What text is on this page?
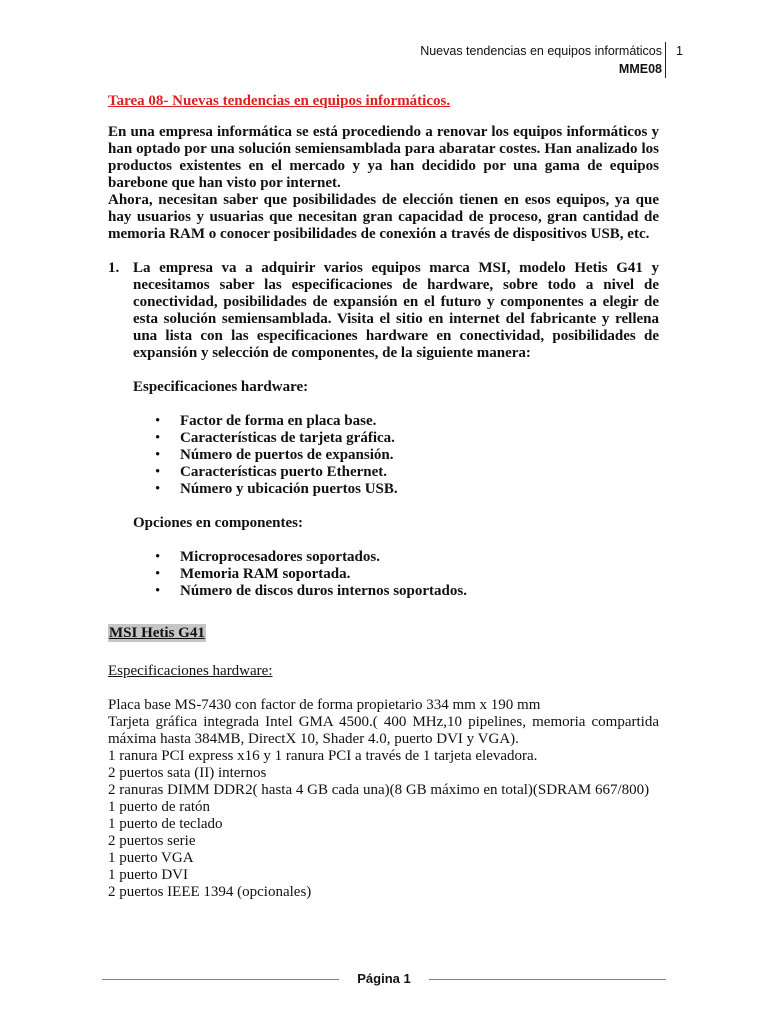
Nuevas tendencias en equipos informáticos
MME08
1

Tarea 08- Nuevas tendencias en equipos informáticos.

En una empresa informática se está procediendo a renovar los equipos informáticos y han optado por una solución semiensamblada para abaratar costes. Han analizado los productos existentes en el mercado y ya han decidido por una gama de equipos barebone que han visto por internet.

Ahora, necesitan saber que posibilidades de elección tienen en esos equipos, ya que hay usuarios y usuarias que necesitan gran capacidad de proceso, gran cantidad de memoria RAM o conocer posibilidades de conexión a través de dispositivos USB, etc.

1. La empresa va a adquirir varios equipos marca MSI, modelo Hetis G41 y necesitamos saber las especificaciones de hardware, sobre todo a nivel de conectividad, posibilidades de expansión en el futuro y componentes a elegir de esta solución semiensamblada. Visita el sitio en internet del fabricante y rellena una lista con las especificaciones hardware en conectividad, posibilidades de expansión y selección de componentes, de la siguiente manera:

Especificaciones hardware:
• Factor de forma en placa base.
• Características de tarjeta gráfica.
• Número de puertos de expansión.
• Características puerto Ethernet.
• Número y ubicación puertos USB.
Opciones en componentes:
• Microprocesadores soportados.
• Memoria RAM soportada.
• Número de discos duros internos soportados.
MSI Hetis G41
Especificaciones hardware:

Placa base MS-7430 con factor de forma propietario 334 mm x 190 mm

Tarjeta gráfica integrada Intel GMA 4500.( 400 MHz,10 pipelines, memoria compartida máxima hasta 384MB, DirectX 10, Shader 4.0, puerto DVI y VGA).

1 ranura PCI express x16 y 1 ranura PCI a través de 1 tarjeta elevadora.

2 puertos sata (II) internos

2 ranuras DIMM DDR2( hasta 4 GB cada una)(8 GB máximo en total)(SDRAM 667/800)

1 puerto de ratón

1 puerto de teclado

2 puertos serie

1 puerto VGA

1 puerto DVI

2 puertos IEEE 1394 (opcionales)

Página 1
